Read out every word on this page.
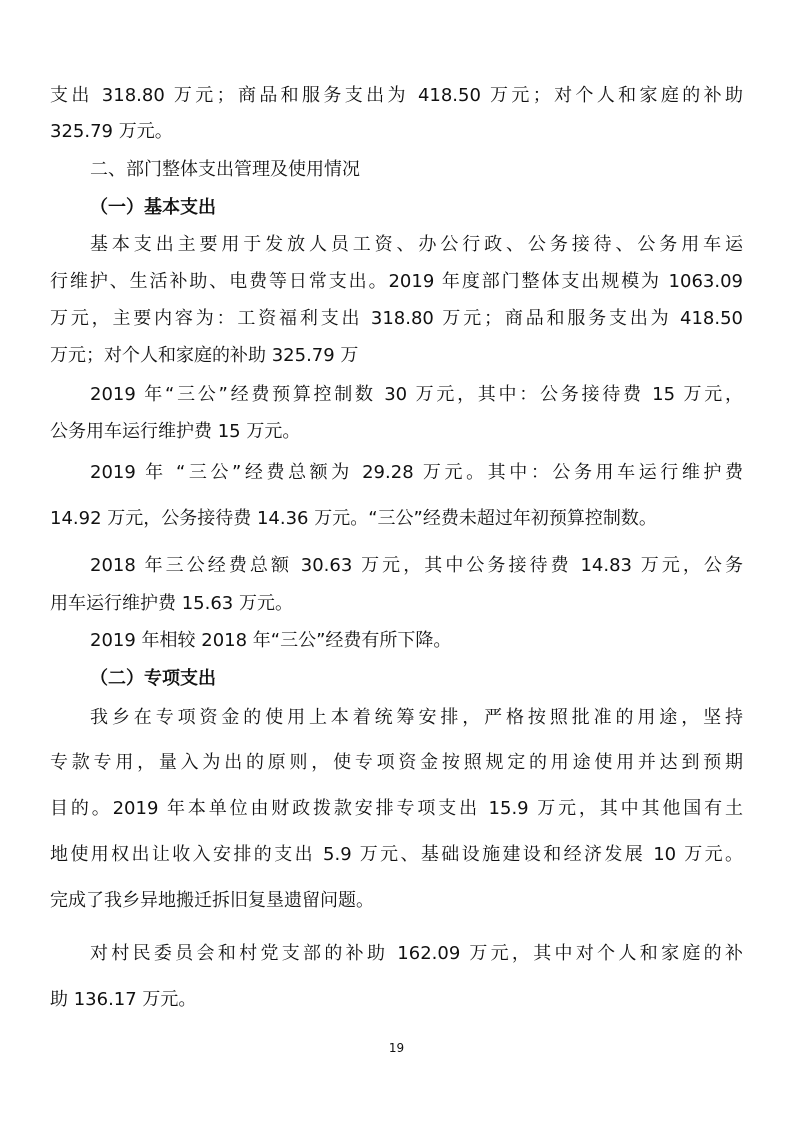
支出 318.80 万元；商品和服务支出为 418.50 万元；对个人和家庭的补助
325.79 万元。
二、部门整体支出管理及使用情况
（一）基本支出
基本支出主要用于发放人员工资、办公行政、公务接待、公务用车运
行维护、生活补助、电费等日常支出。2019 年度部门整体支出规模为 1063.09
万元，主要内容为：工资福利支出 318.80 万元；商品和服务支出为 418.50
万元；对个人和家庭的补助 325.79 万
2019 年“三公”经费预算控制数 30 万元，其中：公务接待费 15 万元，
公务用车运行维护费 15 万元。
2019 年 “三公”经费总额为 29.28 万元。其中：公务用车运行维护费
14.92 万元，公务接待费 14.36 万元。“三公”经费未超过年初预算控制数。
2018 年三公经费总额 30.63 万元，其中公务接待费 14.83 万元，公务
用车运行维护费 15.63 万元。
2019 年相较 2018 年“三公”经费有所下降。
（二）专项支出
我乡在专项资金的使用上本着统筹安排，严格按照批准的用途，坚持
专款专用，量入为出的原则，使专项资金按照规定的用途使用并达到预期
目的。2019 年本单位由财政拨款安排专项支出 15.9 万元，其中其他国有土
地使用权出让收入安排的支出 5.9 万元、基础设施建设和经济发展 10 万元。
完成了我乡异地搬迁拆旧复垦遗留问题。
对村民委员会和村党支部的补助 162.09 万元，其中对个人和家庭的补
助 136.17 万元。
19
